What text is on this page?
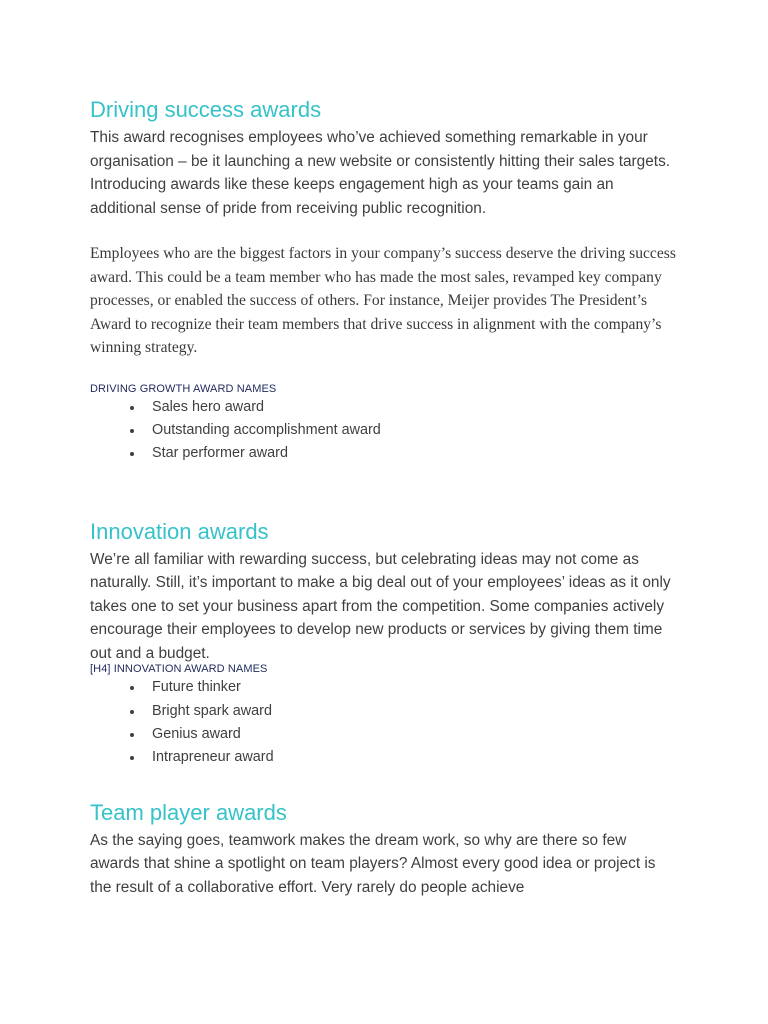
Driving success awards

This award recognises employees who’ve achieved something remarkable in your organisation – be it launching a new website or consistently hitting their sales targets. Introducing awards like these keeps engagement high as your teams gain an additional sense of pride from receiving public recognition.

Employees who are the biggest factors in your company’s success deserve the driving success award. This could be a team member who has made the most sales, revamped key company processes, or enabled the success of others. For instance, Meijer provides The President’s Award to recognize their team members that drive success in alignment with the company’s winning strategy.

DRIVING GROWTH AWARD NAMES

Sales hero award
Outstanding accomplishment award
Star performer award
Innovation awards

We’re all familiar with rewarding success, but celebrating ideas may not come as naturally. Still, it’s important to make a big deal out of your employees’ ideas as it only takes one to set your business apart from the competition. Some companies actively encourage their employees to develop new products or services by giving them time out and a budget.

[H4] INNOVATION AWARD NAMES

Future thinker
Bright spark award
Genius award
Intrapreneur award
Team player awards

As the saying goes, teamwork makes the dream work, so why are there so few awards that shine a spotlight on team players? Almost every good idea or project is the result of a collaborative effort. Very rarely do people achieve
